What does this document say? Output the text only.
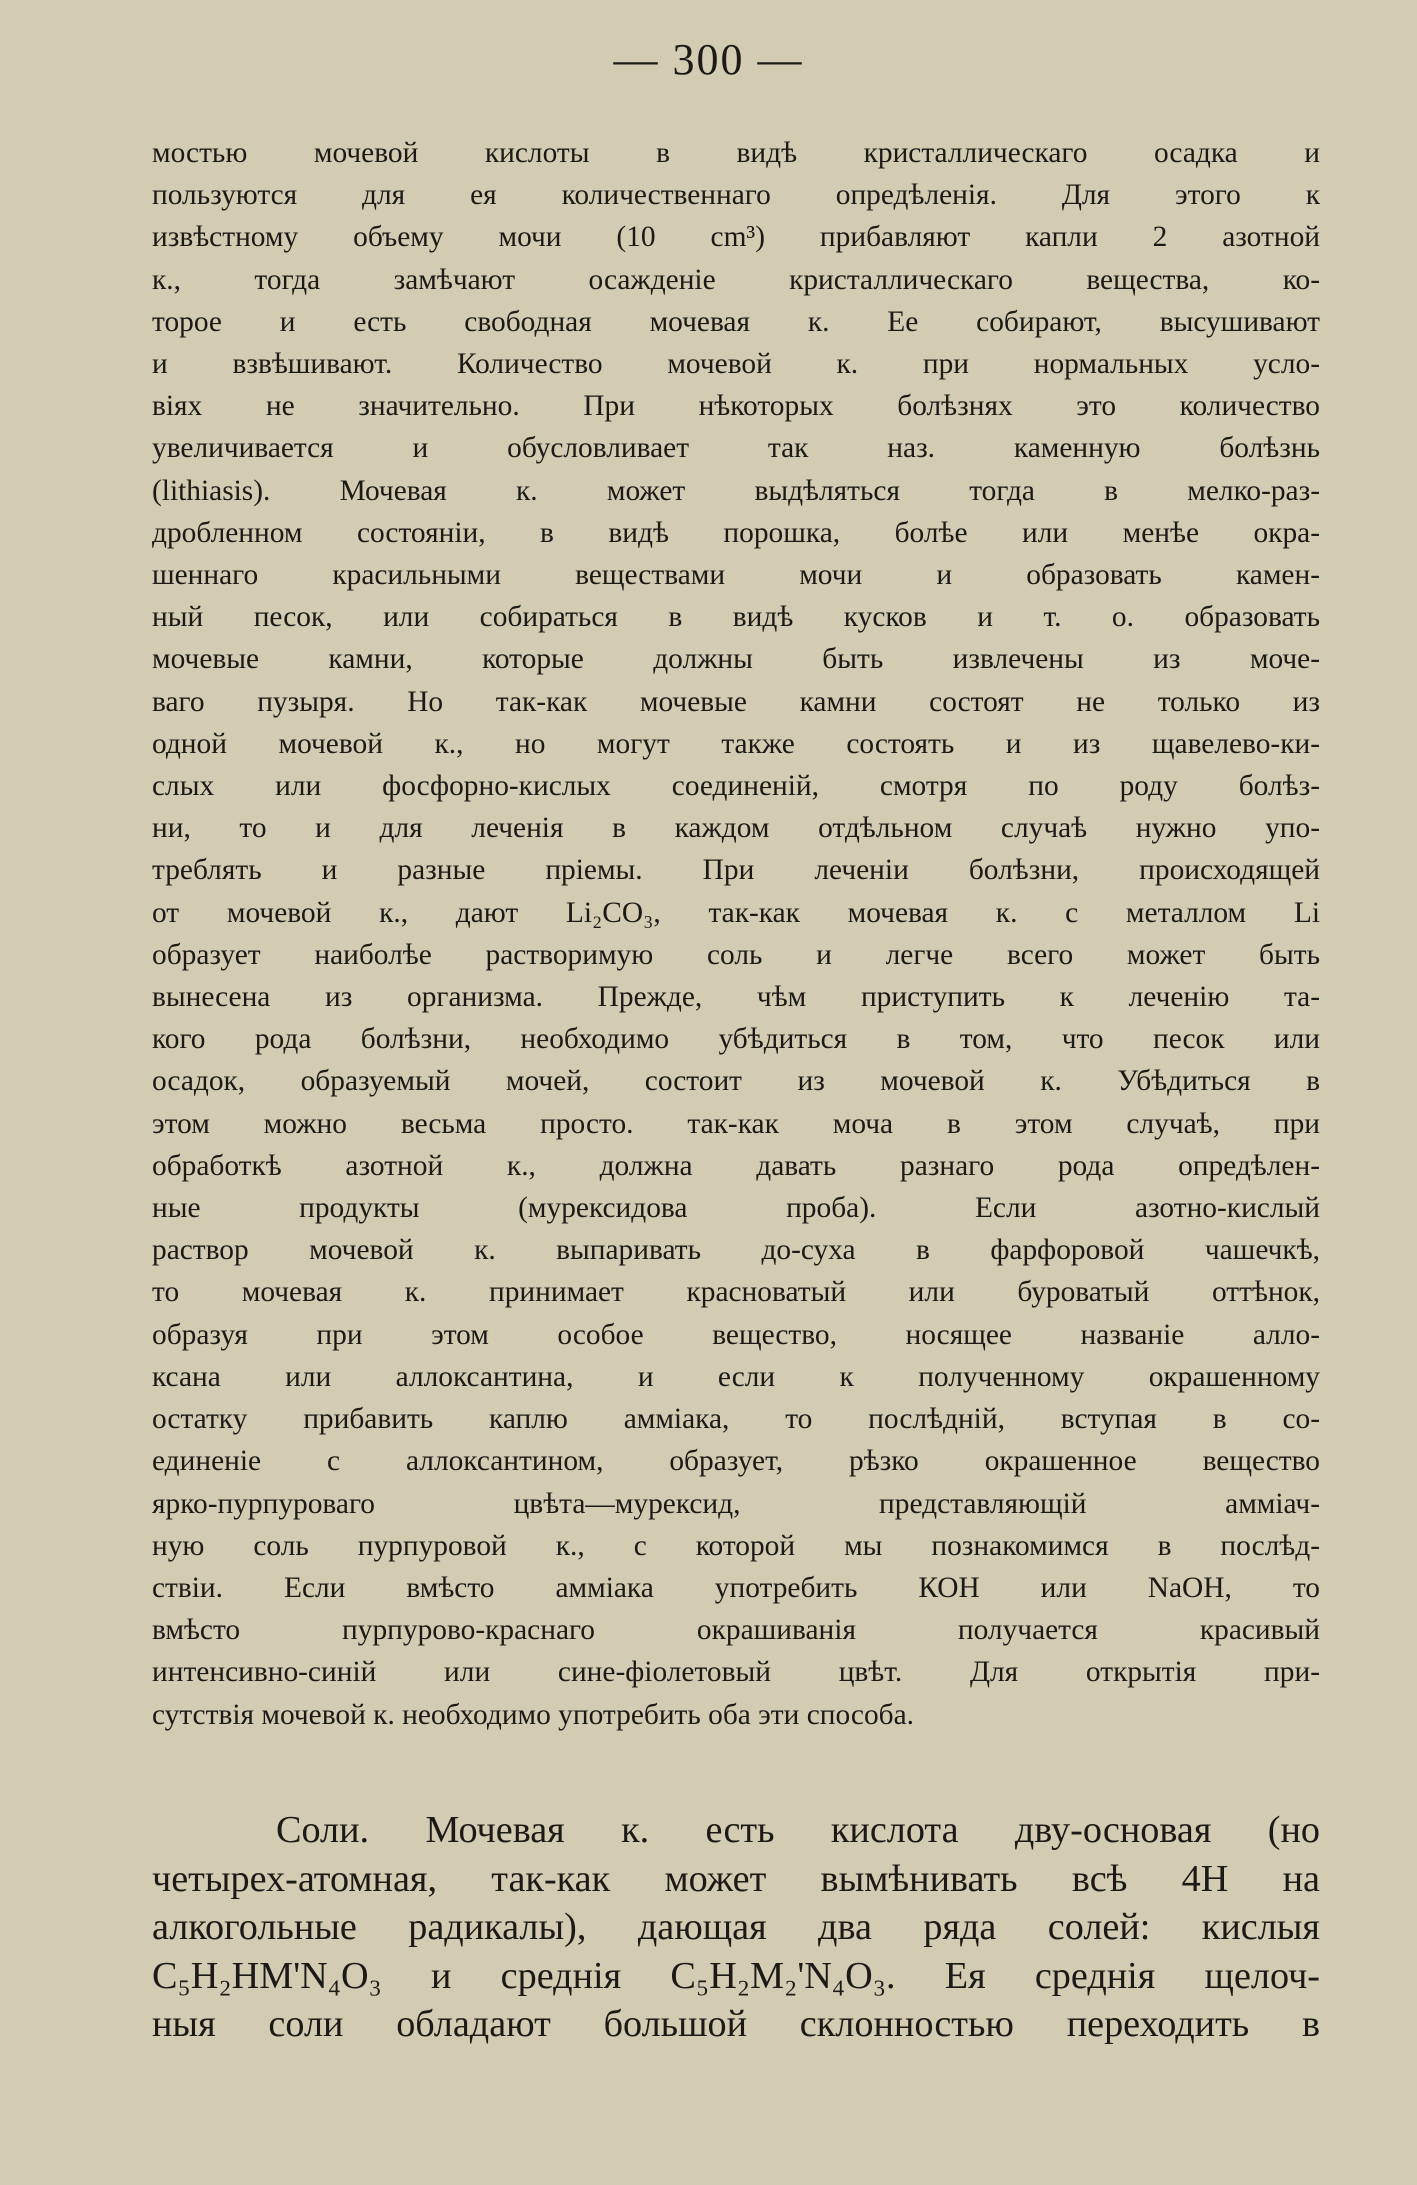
— 300 —
мостью мочевой кислоты в видѣ кристаллическаго осадка и
пользуются для ея количественнаго опредѣленія. Для этого к
извѣстному объему мочи (10 cm³) прибавляют капли 2 азотной
к., тогда замѣчают осажденіе кристаллическаго вещества, ко-
торое и есть свободная мочевая к. Ее собирают, высушивают
и взвѣшивают. Количество мочевой к. при нормальных усло-
віях не значительно. При нѣкоторых болѣзнях это количество
увеличивается и обусловливает так наз. каменную болѣзнь
(lithiasis). Мочевая к. может выдѣляться тогда в мелко-раз-
дробленном состояніи, в видѣ порошка, болѣе или менѣе окра-
шеннаго красильными веществами мочи и образовать камен-
ный песок, или собираться в видѣ кусков и т. о. образовать
мочевые камни, которые должны быть извлечены из моче-
ваго пузыря. Но так-как мочевые камни состоят не только из
одной мочевой к., но могут также состоять и из щавелево-ки-
слых или фосфорно-кислых соединеній, смотря по роду болѣз-
ни, то и для леченія в каждом отдѣльном случаѣ нужно упо-
треблять и разные пріемы. При леченіи болѣзни, происходящей
от мочевой к., дают Li₂CO₃, так-как мочевая к. с металлом Li
образует наиболѣе растворимую соль и легче всего может быть
вынесена из организма. Прежде, чѣм приступить к леченію та-
кого рода болѣзни, необходимо убѣдиться в том, что песок или
осадок, образуемый мочей, состоит из мочевой к. Убѣдиться в
этом можно весьма просто. так-как моча в этом случаѣ, при
обработкѣ азотной к., должна давать разнаго рода опредѣлен-
ные продукты (мурексидова проба). Если азотно-кислый
раствор мочевой к. выпаривать до-суха в фарфоровой чашечкѣ,
то мочевая к. принимает красноватый или буроватый оттѣнок,
образуя при этом особое вещество, носящее названіе алло-
ксана или аллоксантина, и если к полученному окрашенному
остатку прибавить каплю амміака, то послѣдній, вступая в со-
единеніе с аллоксантином, образует, рѣзко окрашенное вещество
ярко-пурпуроваго цвѣта—мурексид, представляющій амміач-
ную соль пурпуровой к., с которой мы познакомимся в послѣд-
ствіи. Если вмѣсто амміака употребить КОН или NaOH, то
вмѣсто пурпурово-краснаго окрашиванія получается красивый
интенсивно-синій или сине-фіолетовый цвѣт. Для открытія при-
сутствія мочевой к. необходимо употребить оба эти способа.
Соли. Мочевая к. есть кислота дву-основая (но
четырех-атомная, так-как может вымѣнивать всѣ 4H на
алкогольные радикалы), дающая два ряда солей: кислыя
C₅H₂HM'N₄O₃ и среднія C₅H₂M₂'N₄O₃. Ея среднія щелоч-
ныя соли обладают большой склонностью переходить в
